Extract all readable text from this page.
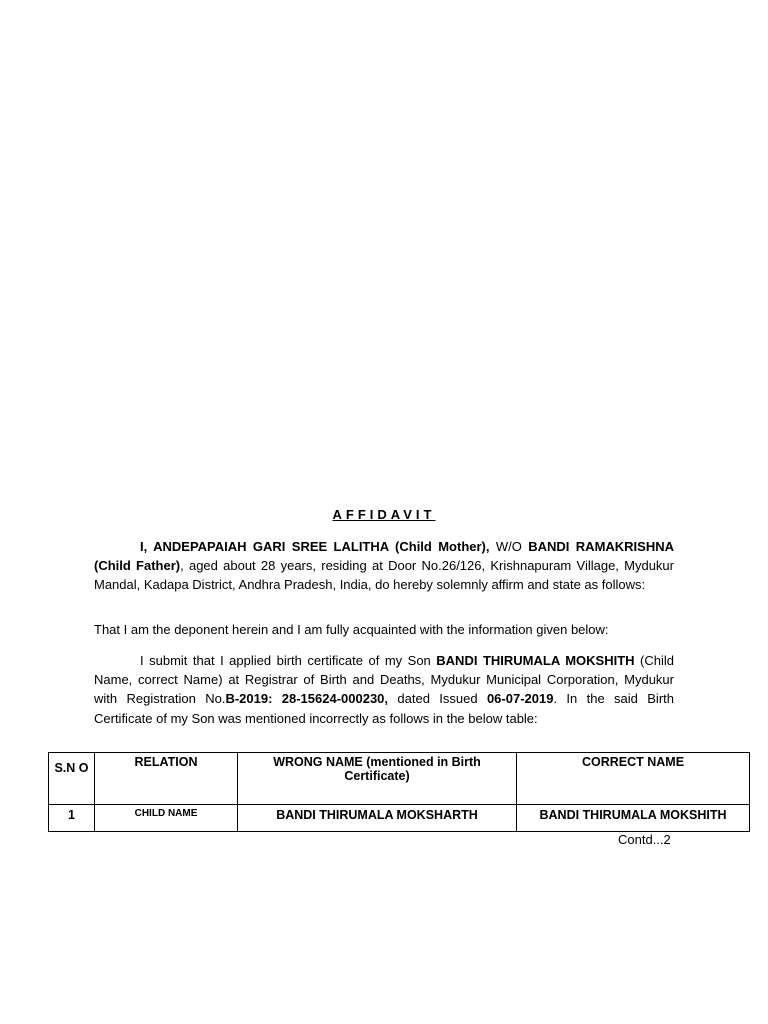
AFFIDAVIT
I, ANDEPAPAIAH GARI SREE LALITHA (Child Mother), W/O BANDI RAMAKRISHNA (Child Father), aged about 28 years, residing at Door No.26/126, Krishnapuram Village, Mydukur Mandal, Kadapa District, Andhra Pradesh, India, do hereby solemnly affirm and state as follows:
That I am the deponent herein and I am fully acquainted with the information given below:
I submit that I applied birth certificate of my Son BANDI THIRUMALA MOKSHITH (Child Name, correct Name) at Registrar of Birth and Deaths, Mydukur Municipal Corporation, Mydukur with Registration No.B-2019: 28-15624-000230, dated Issued 06-07-2019. In the said Birth Certificate of my Son was mentioned incorrectly as follows in the below table:
S.N O	RELATION	WRONG NAME (mentioned in Birth Certificate)	CORRECT NAME
1	CHILD NAME	BANDI THIRUMALA MOKSHARTH	BANDI THIRUMALA MOKSHITH
Contd...2
